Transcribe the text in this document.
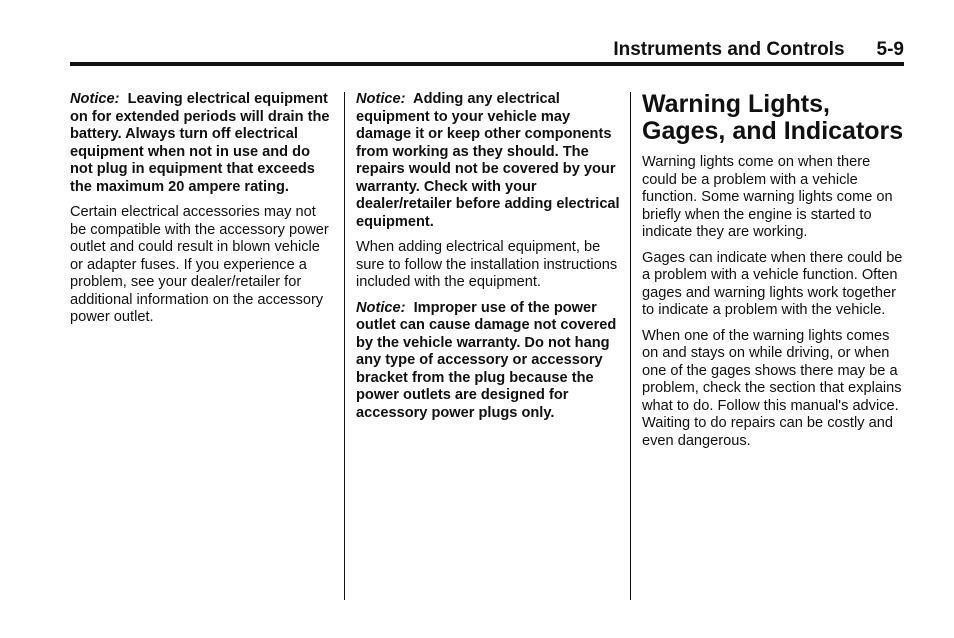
Instruments and Controls 5-9

Notice: Leaving electrical equipment on for extended periods will drain the battery. Always turn off electrical equipment when not in use and do not plug in equipment that exceeds the maximum 20 ampere rating.

Certain electrical accessories may not be compatible with the accessory power outlet and could result in blown vehicle or adapter fuses. If you experience a problem, see your dealer/retailer for additional information on the accessory power outlet.

Notice: Adding any electrical equipment to your vehicle may damage it or keep other components from working as they should. The repairs would not be covered by your warranty. Check with your dealer/retailer before adding electrical equipment.

When adding electrical equipment, be sure to follow the installation instructions included with the equipment.

Notice: Improper use of the power outlet can cause damage not covered by the vehicle warranty. Do not hang any type of accessory or accessory bracket from the plug because the power outlets are designed for accessory power plugs only.

Warning Lights, Gages, and Indicators

Warning lights come on when there could be a problem with a vehicle function. Some warning lights come on briefly when the engine is started to indicate they are working.

Gages can indicate when there could be a problem with a vehicle function. Often gages and warning lights work together to indicate a problem with the vehicle.

When one of the warning lights comes on and stays on while driving, or when one of the gages shows there may be a problem, check the section that explains what to do. Follow this manual's advice. Waiting to do repairs can be costly and even dangerous.
